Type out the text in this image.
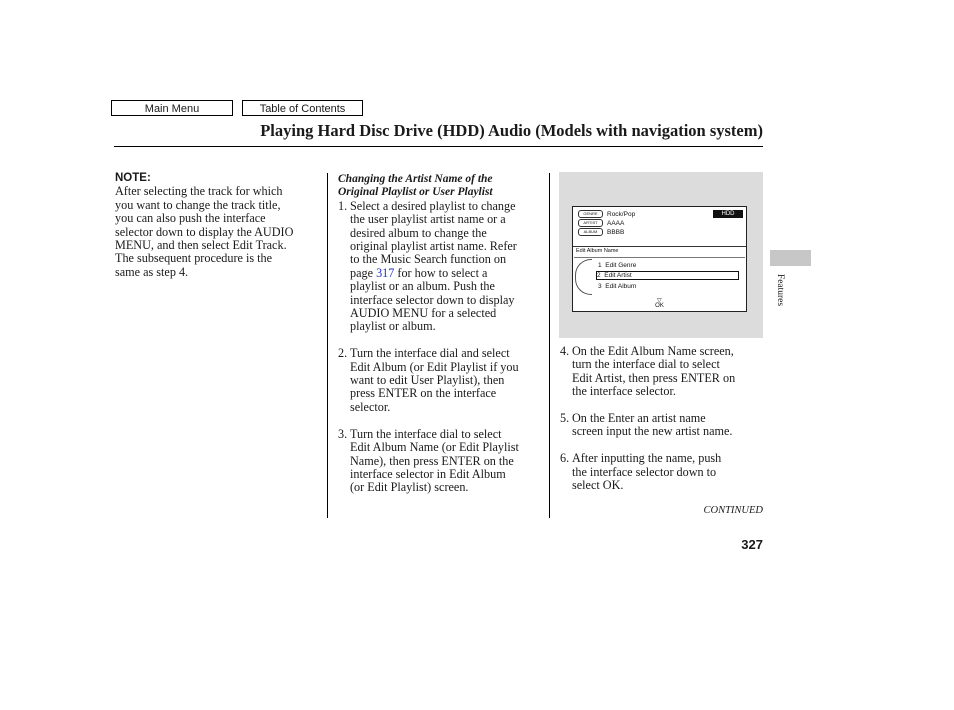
Main Menu	Table of Contents
Playing Hard Disc Drive (HDD) Audio (Models with navigation system)
NOTE:
After selecting the track for which
you want to change the track title,
you can also push the interface
selector down to display the AUDIO
MENU, and then select Edit Track.
The subsequent procedure is the
same as step 4.
Changing the Artist Name of the
Original Playlist or User Playlist
1. Select a desired playlist to change
the user playlist artist name or a
desired album to change the
original playlist artist name. Refer
to the Music Search function on
page 317 for how to select a
playlist or an album. Push the
interface selector down to display
AUDIO MENU for a selected
playlist or album.
2. Turn the interface dial and select
Edit Album (or Edit Playlist if you
want to edit User Playlist), then
press ENTER on the interface
selector.
3. Turn the interface dial to select
Edit Album Name (or Edit Playlist
Name), then press ENTER on the
interface selector in Edit Album
(or Edit Playlist) screen.
HDD
GENRE Rock/Pop
ARTIST AAAA
ALBUM BBBB
Edit Album Name
1 Edit Genre
2 Edit Artist
3 Edit Album
▽
OK
4. On the Edit Album Name screen,
turn the interface dial to select
Edit Artist, then press ENTER on
the interface selector.
5. On the Enter an artist name
screen input the new artist name.
6. After inputting the name, push
the interface selector down to
select OK.
CONTINUED
327
Features
